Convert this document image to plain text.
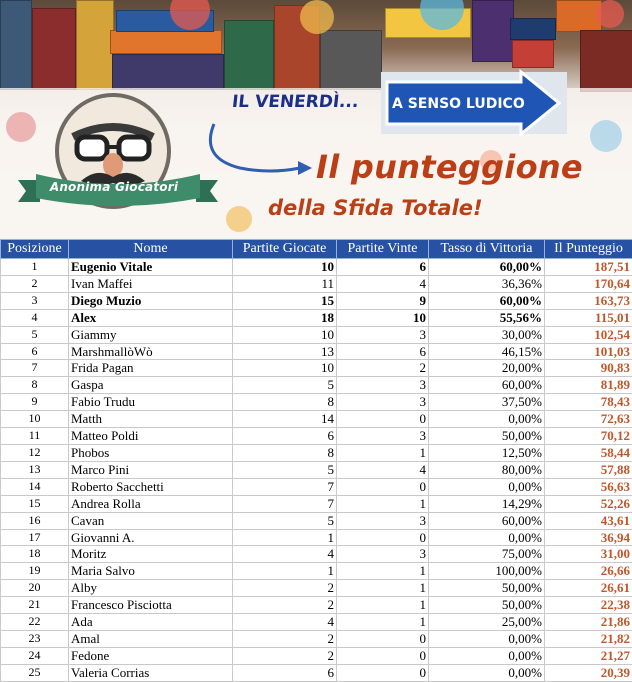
Anonima Giocatori
IL VENERDÌ... A SENSO LUDICO
Il punteggione
della Sfida Totale!
Posizione	Nome	Partite Giocate	Partite Vinte	Tasso di Vittoria	Il Punteggio
1	Eugenio Vitale	10	6	60,00%	187,51
2	Ivan Maffei	11	4	36,36%	170,64
3	Diego Muzio	15	9	60,00%	163,73
4	Alex	18	10	55,56%	115,01
5	Giammy	10	3	30,00%	102,54
6	MarshmallòWò	13	6	46,15%	101,03
7	Frida Pagan	10	2	20,00%	90,83
8	Gaspa	5	3	60,00%	81,89
9	Fabio Trudu	8	3	37,50%	78,43
10	Matth	14	0	0,00%	72,63
11	Matteo Poldi	6	3	50,00%	70,12
12	Phobos	8	1	12,50%	58,44
13	Marco Pini	5	4	80,00%	57,88
14	Roberto Sacchetti	7	0	0,00%	56,63
15	Andrea Rolla	7	1	14,29%	52,26
16	Cavan	5	3	60,00%	43,61
17	Giovanni A.	1	0	0,00%	36,94
18	Moritz	4	3	75,00%	31,00
19	Maria Salvo	1	1	100,00%	26,66
20	Alby	2	1	50,00%	26,61
21	Francesco Pisciotta	2	1	50,00%	22,38
22	Ada	4	1	25,00%	21,86
23	Amal	2	0	0,00%	21,82
24	Fedone	2	0	0,00%	21,27
25	Valeria Corrias	6	0	0,00%	20,39
